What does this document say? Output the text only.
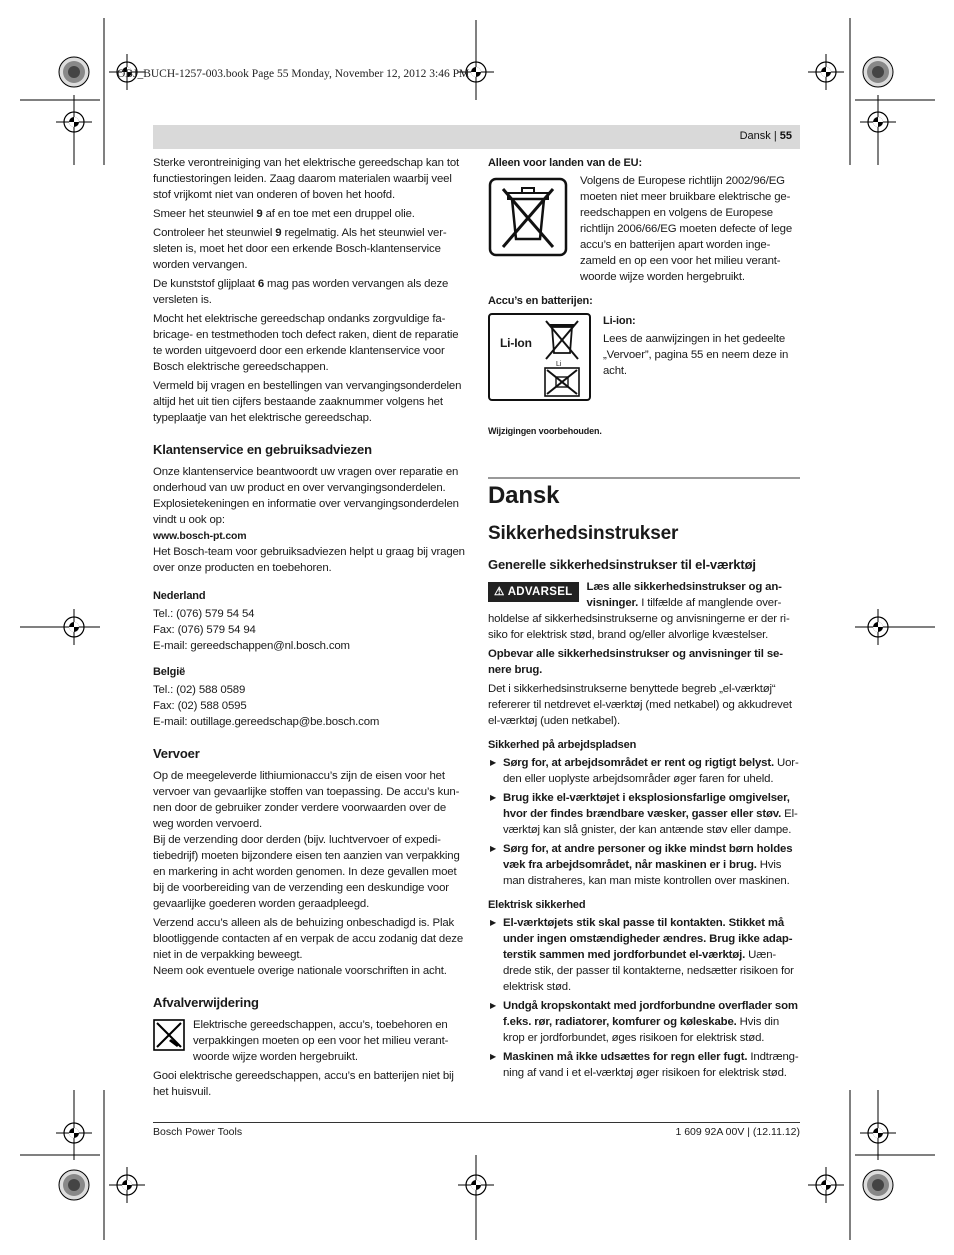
OBJ_BUCH-1257-003.book Page 55 Monday, November 12, 2012 3:46 PM
Dansk | 55

Sterke verontreiniging van het elektrische gereedschap kan tot functiestoringen leiden. Zaag daarom materialen waarbij veel stof vrijkomt niet van onderen of boven het hoofd.

Smeer het steunwiel 9 af en toe met een druppel olie.

Controleer het steunwiel 9 regelmatig. Als het steunwiel versleten is, moet het door een erkende Bosch-klantenservice worden vervangen.

De kunststof glijplaat 6 mag pas worden vervangen als deze versleten is.

Mocht het elektrische gereedschap ondanks zorgvuldige fabricage- en testmethoden toch defect raken, dient de reparatie te worden uitgevoerd door een erkende klantenservice voor Bosch elektrische gereedschappen.

Vermeld bij vragen en bestellingen van vervangingsonderdelen altijd het uit tien cijfers bestaande zaaknummer volgens het typeplaatje van het elektrische gereedschap.

Klantenservice en gebruiksadviezen

Onze klantenservice beantwoordt uw vragen over reparatie en onderhoud van uw product en over vervangingsonderdelen. Explosietekeningen en informatie over vervangingsonderdelen vindt u ook op:

www.bosch-pt.com

Het Bosch-team voor gebruiksadviezen helpt u graag bij vragen over onze producten en toebehoren.

Nederland

Tel.: (076) 579 54 54

Fax: (076) 579 54 94

E-mail: gereedschappen@nl.bosch.com

België

Tel.: (02) 588 0589

Fax: (02) 588 0595

E-mail: outillage.gereedschap@be.bosch.com

Vervoer

Op de meegeleverde lithiumionaccu’s zijn de eisen voor het vervoer van gevaarlijke stoffen van toepassing. De accu’s kunnen door de gebruiker zonder verdere voorwaarden over de weg worden vervoerd.

Bij de verzending door derden (bijv. luchtvervoer of expeditiebedrijf) moeten bijzondere eisen ten aanzien van verpakking en markering in acht worden genomen. In deze gevallen moet bij de voorbereiding van de verzending een deskundige voor gevaarlijke goederen worden geraadpleegd.

Verzend accu’s alleen als de behuizing onbeschadigd is. Plak blootliggende contacten af en verpak de accu zodanig dat deze niet in de verpakking beweegt.

Neem ook eventuele overige nationale voorschriften in acht.

Afvalverwijdering

Elektrische gereedschappen, accu’s, toebehoren en verpakkingen moeten op een voor het milieu verantwoorde wijze worden hergebruikt.

Gooi elektrische gereedschappen, accu’s en batterijen niet bij het huisvuil.

Alleen voor landen van de EU:

Volgens de Europese richtlijn 2002/96/EG moeten niet meer bruikbare elektrische gereedschappen en volgens de Europese richtlijn 2006/66/EG moeten defecte of lege accu’s en batterijen apart worden ingezameld en op een voor het milieu verantwoorde wijze worden hergebruikt.

Accu’s en batterijen:

Li-Ion
Li

Li-ion:

Lees de aanwijzingen in het gedeelte „Vervoer”, pagina 55 en neem deze in acht.

Wijzigingen voorbehouden.

Dansk

Sikkerhedsinstrukser

Generelle sikkerhedsinstrukser til el-værktøj

⚠ ADVARSEL	Læs alle sikkerhedsinstrukser og anvisninger. I tilfælde af manglende overholdelse af sikkerhedsinstrukserne og anvisningerne er der risiko for elektrisk stød, brand og/eller alvorlige kvæstelser.

Opbevar alle sikkerhedsinstrukser og anvisninger til senere brug.

Det i sikkerhedsinstrukserne benyttede begreb „el-værktøj“ refererer til netdrevet el-værktøj (med netkabel) og akkudrevet el-værktøj (uden netkabel).

Sikkerhed på arbejdspladsen

▶ Sørg for, at arbejdsområdet er rent og rigtigt belyst. Uorden eller uoplyste arbejdsområder øger faren for uheld.

▶ Brug ikke el-værktøjet i eksplosionsfarlige omgivelser, hvor der findes brændbare væsker, gasser eller støv. El-værktøj kan slå gnister, der kan antænde støv eller dampe.

▶ Sørg for, at andre personer og ikke mindst børn holdes væk fra arbejdsområdet, når maskinen er i brug. Hvis man distraheres, kan man miste kontrollen over maskinen.

Elektrisk sikkerhed

▶ El-værktøjets stik skal passe til kontakten. Stikket må under ingen omstændigheder ændres. Brug ikke adapterstik sammen med jordforbundet el-værktøj. Uændrede stik, der passer til kontakterne, nedsætter risikoen for elektrisk stød.

▶ Undgå kropskontakt med jordforbundne overflader som f.eks. rør, radiatorer, komfurer og køleskabe. Hvis din krop er jordforbundet, øges risikoen for elektrisk stød.

▶ Maskinen må ikke udsættes for regn eller fugt. Indtrængning af vand i et el-værktøj øger risikoen for elektrisk stød.

Bosch Power Tools	1 609 92A 00V | (12.11.12)
